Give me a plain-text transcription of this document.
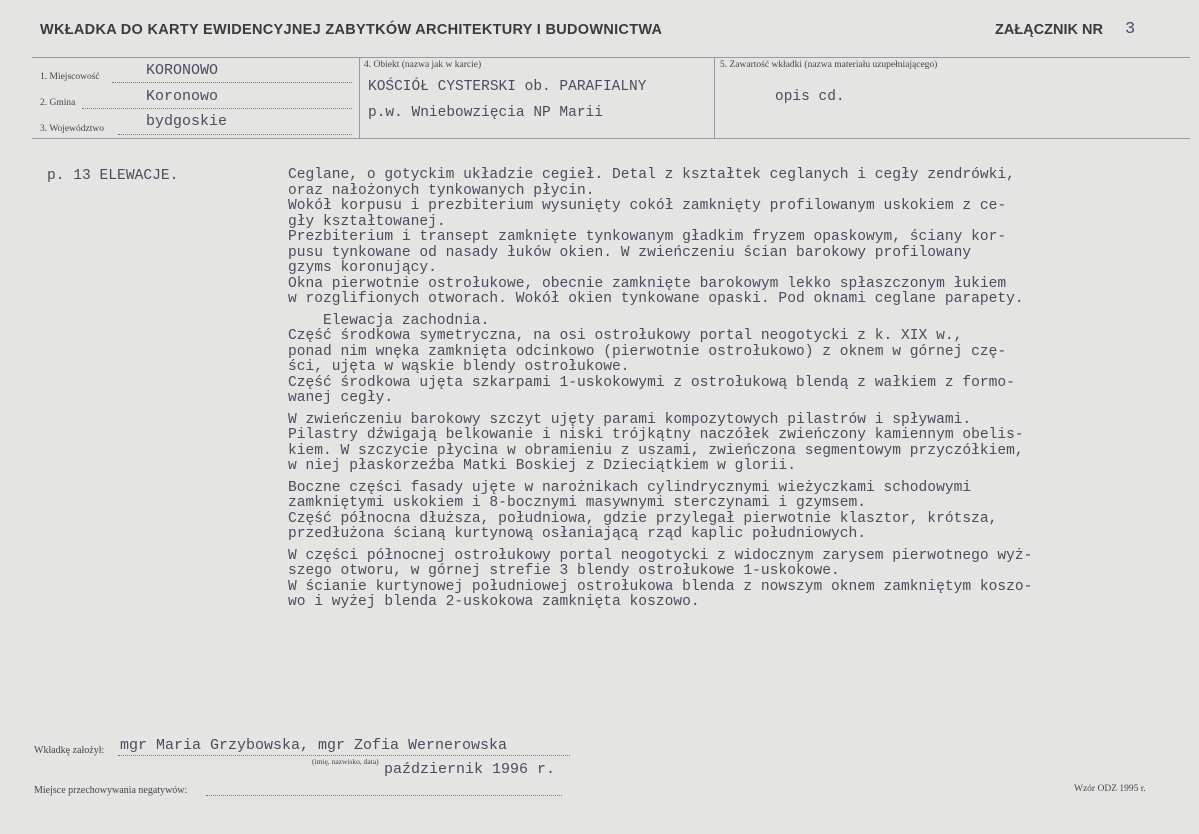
WKŁADKA DO KARTY EWIDENCYJNEJ ZABYTKÓW ARCHITEKTURY I BUDOWNICTWA	ZAŁĄCZNIK NR 3
1. Miejscowość	KORONOWO
2. Gmina	Koronowo
3. Województwo	bydgoskie
4. Obiekt (nazwa jak w karcie)
KOŚCIÓŁ CYSTERSKI ob. PARAFIALNY
p.w. Wniebowzięcia NP Marii
5. Zawartość wkładki (nazwa materiału uzupełniającego)
opis cd.
p. 13 ELEWACJE.	Ceglane, o gotyckim układzie cegieł. Detal z kształtek ceglanych i cegły zendrówki,
oraz nałożonych tynkowanych płycin.
Wokół korpusu i prezbiterium wysunięty cokół zamknięty profilowanym uskokiem z ce-
gły kształtowanej.
Prezbiterium i transept zamknięte tynkowanym gładkim fryzem opaskowym, ściany kor-
pusu tynkowane od nasady łuków okien. W zwieńczeniu ścian barokowy profilowany
gzyms koronujący.
Okna pierwotnie ostrołukowe, obecnie zamknięte barokowym lekko spłaszczonym łukiem
w rozglifionych otworach. Wokół okien tynkowane opaski. Pod oknami ceglane parapety.
Elewacja zachodnia.
Część środkowa symetryczna, na osi ostrołukowy portal neogotycki z k. XIX w.,
ponad nim wnęka zamknięta odcinkowo (pierwotnie ostrołukowo) z oknem w górnej czę-
ści, ujęta w wąskie blendy ostrołukowe.
Część środkowa ujęta szkarpami 1-uskokowymi z ostrołukową blendą z wałkiem z formo-
wanej cegły.
W zwieńczeniu barokowy szczyt ujęty parami kompozytowych pilastrów i spływami.
Pilastry dźwigają belkowanie i niski trójkątny naczółek zwieńczony kamiennym obelis-
kiem. W szczycie płycina w obramieniu z uszami, zwieńczona segmentowym przyczółkiem,
w niej płaskorzeźba Matki Boskiej z Dzieciątkiem w glorii.
Boczne części fasady ujęte w narożnikach cylindrycznymi wieżyczkami schodowymi
zamkniętymi uskokiem i 8-bocznymi masywnymi sterczynami i gzymsem.
Część północna dłuższa, południowa, gdzie przylegał pierwotnie klasztor, krótsza,
przedłużona ścianą kurtynową osłaniającą rząd kaplic południowych.
W części północnej ostrołukowy portal neogotycki z widocznym zarysem pierwotnego wyż-
szego otworu, w górnej strefie 3 blendy ostrołukowe 1-uskokowe.
W ścianie kurtynowej południowej ostrołukowa blenda z nowszym oknem zamkniętym koszo-
wo i wyżej blenda 2-uskokowa zamknięta koszowo.
Wkładkę założył: mgr Maria Grzybowska, mgr Zofia Wernerowska
(imię, nazwisko, data) październik 1996 r.
Miejsce przechowywania negatywów:	Wzór ODZ 1995 r.
